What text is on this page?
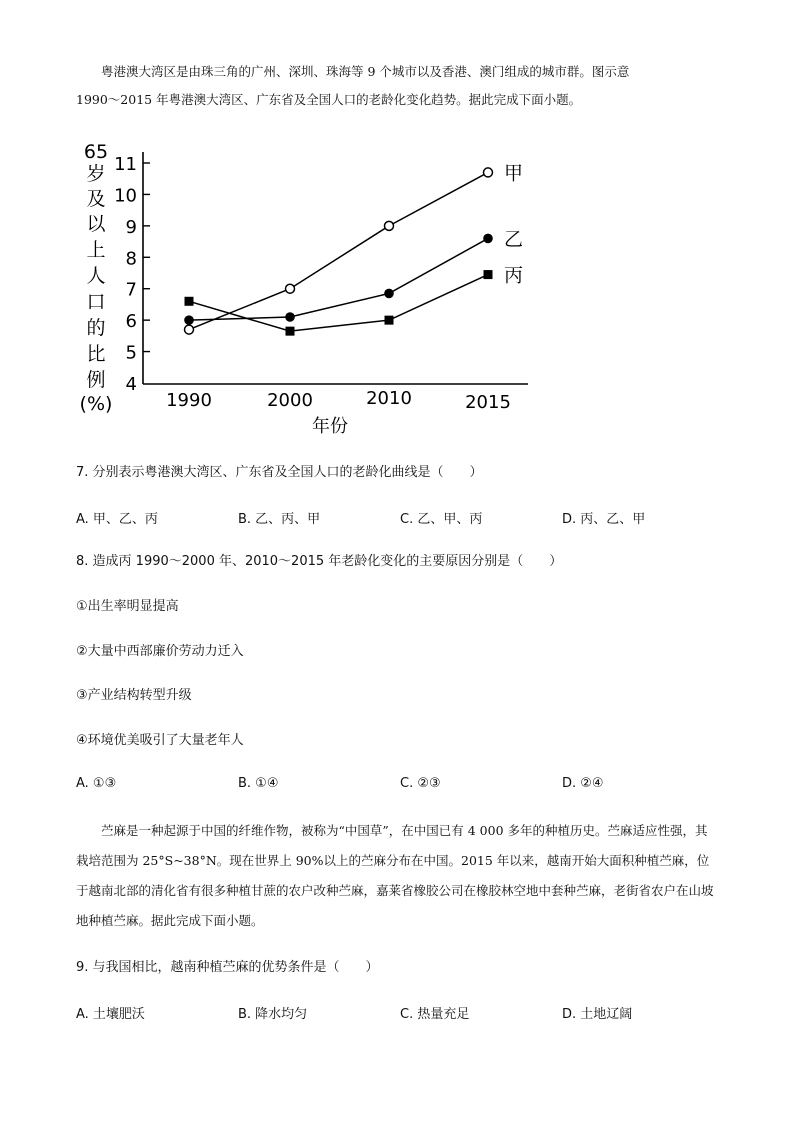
粤港澳大湾区是由珠三角的广州、深圳、珠海等 9 个城市以及香港、澳门组成的城市群。图示意
1990～2015 年粤港澳大湾区、广东省及全国人口的老龄化变化趋势。据此完成下面小题。
65
岁
及
以
上
人
口
的
比
例
(%)
4
5
6
7
8
9
10
11
1990	2000	2010	2015
甲
乙
丙
年份
7. 分别表示粤港澳大湾区、广东省及全国人口的老龄化曲线是（　　）
A. 甲、乙、丙	B. 乙、丙、甲	C. 乙、甲、丙	D. 丙、乙、甲
8. 造成丙 1990～2000 年、2010～2015 年老龄化变化的主要原因分别是（　　）
①出生率明显提高
②大量中西部廉价劳动力迁入
③产业结构转型升级
④环境优美吸引了大量老年人
A. ①③	B. ①④	C. ②③	D. ②④
苎麻是一种起源于中国的纤维作物，被称为“中国草”，在中国已有 4 000 多年的种植历史。苎麻适应性强，其栽培范围为 25°S~38°N。现在世界上 90%以上的苎麻分布在中国。2015 年以来，越南开始大面积种植苎麻，位于越南北部的清化省有很多种植甘蔗的农户改种苎麻，嘉莱省橡胶公司在橡胶林空地中套种苎麻，老街省农户在山坡地种植苎麻。据此完成下面小题。
9. 与我国相比，越南种植苎麻的优势条件是（　　）
A. 土壤肥沃	B. 降水均匀	C. 热量充足	D. 土地辽阔
